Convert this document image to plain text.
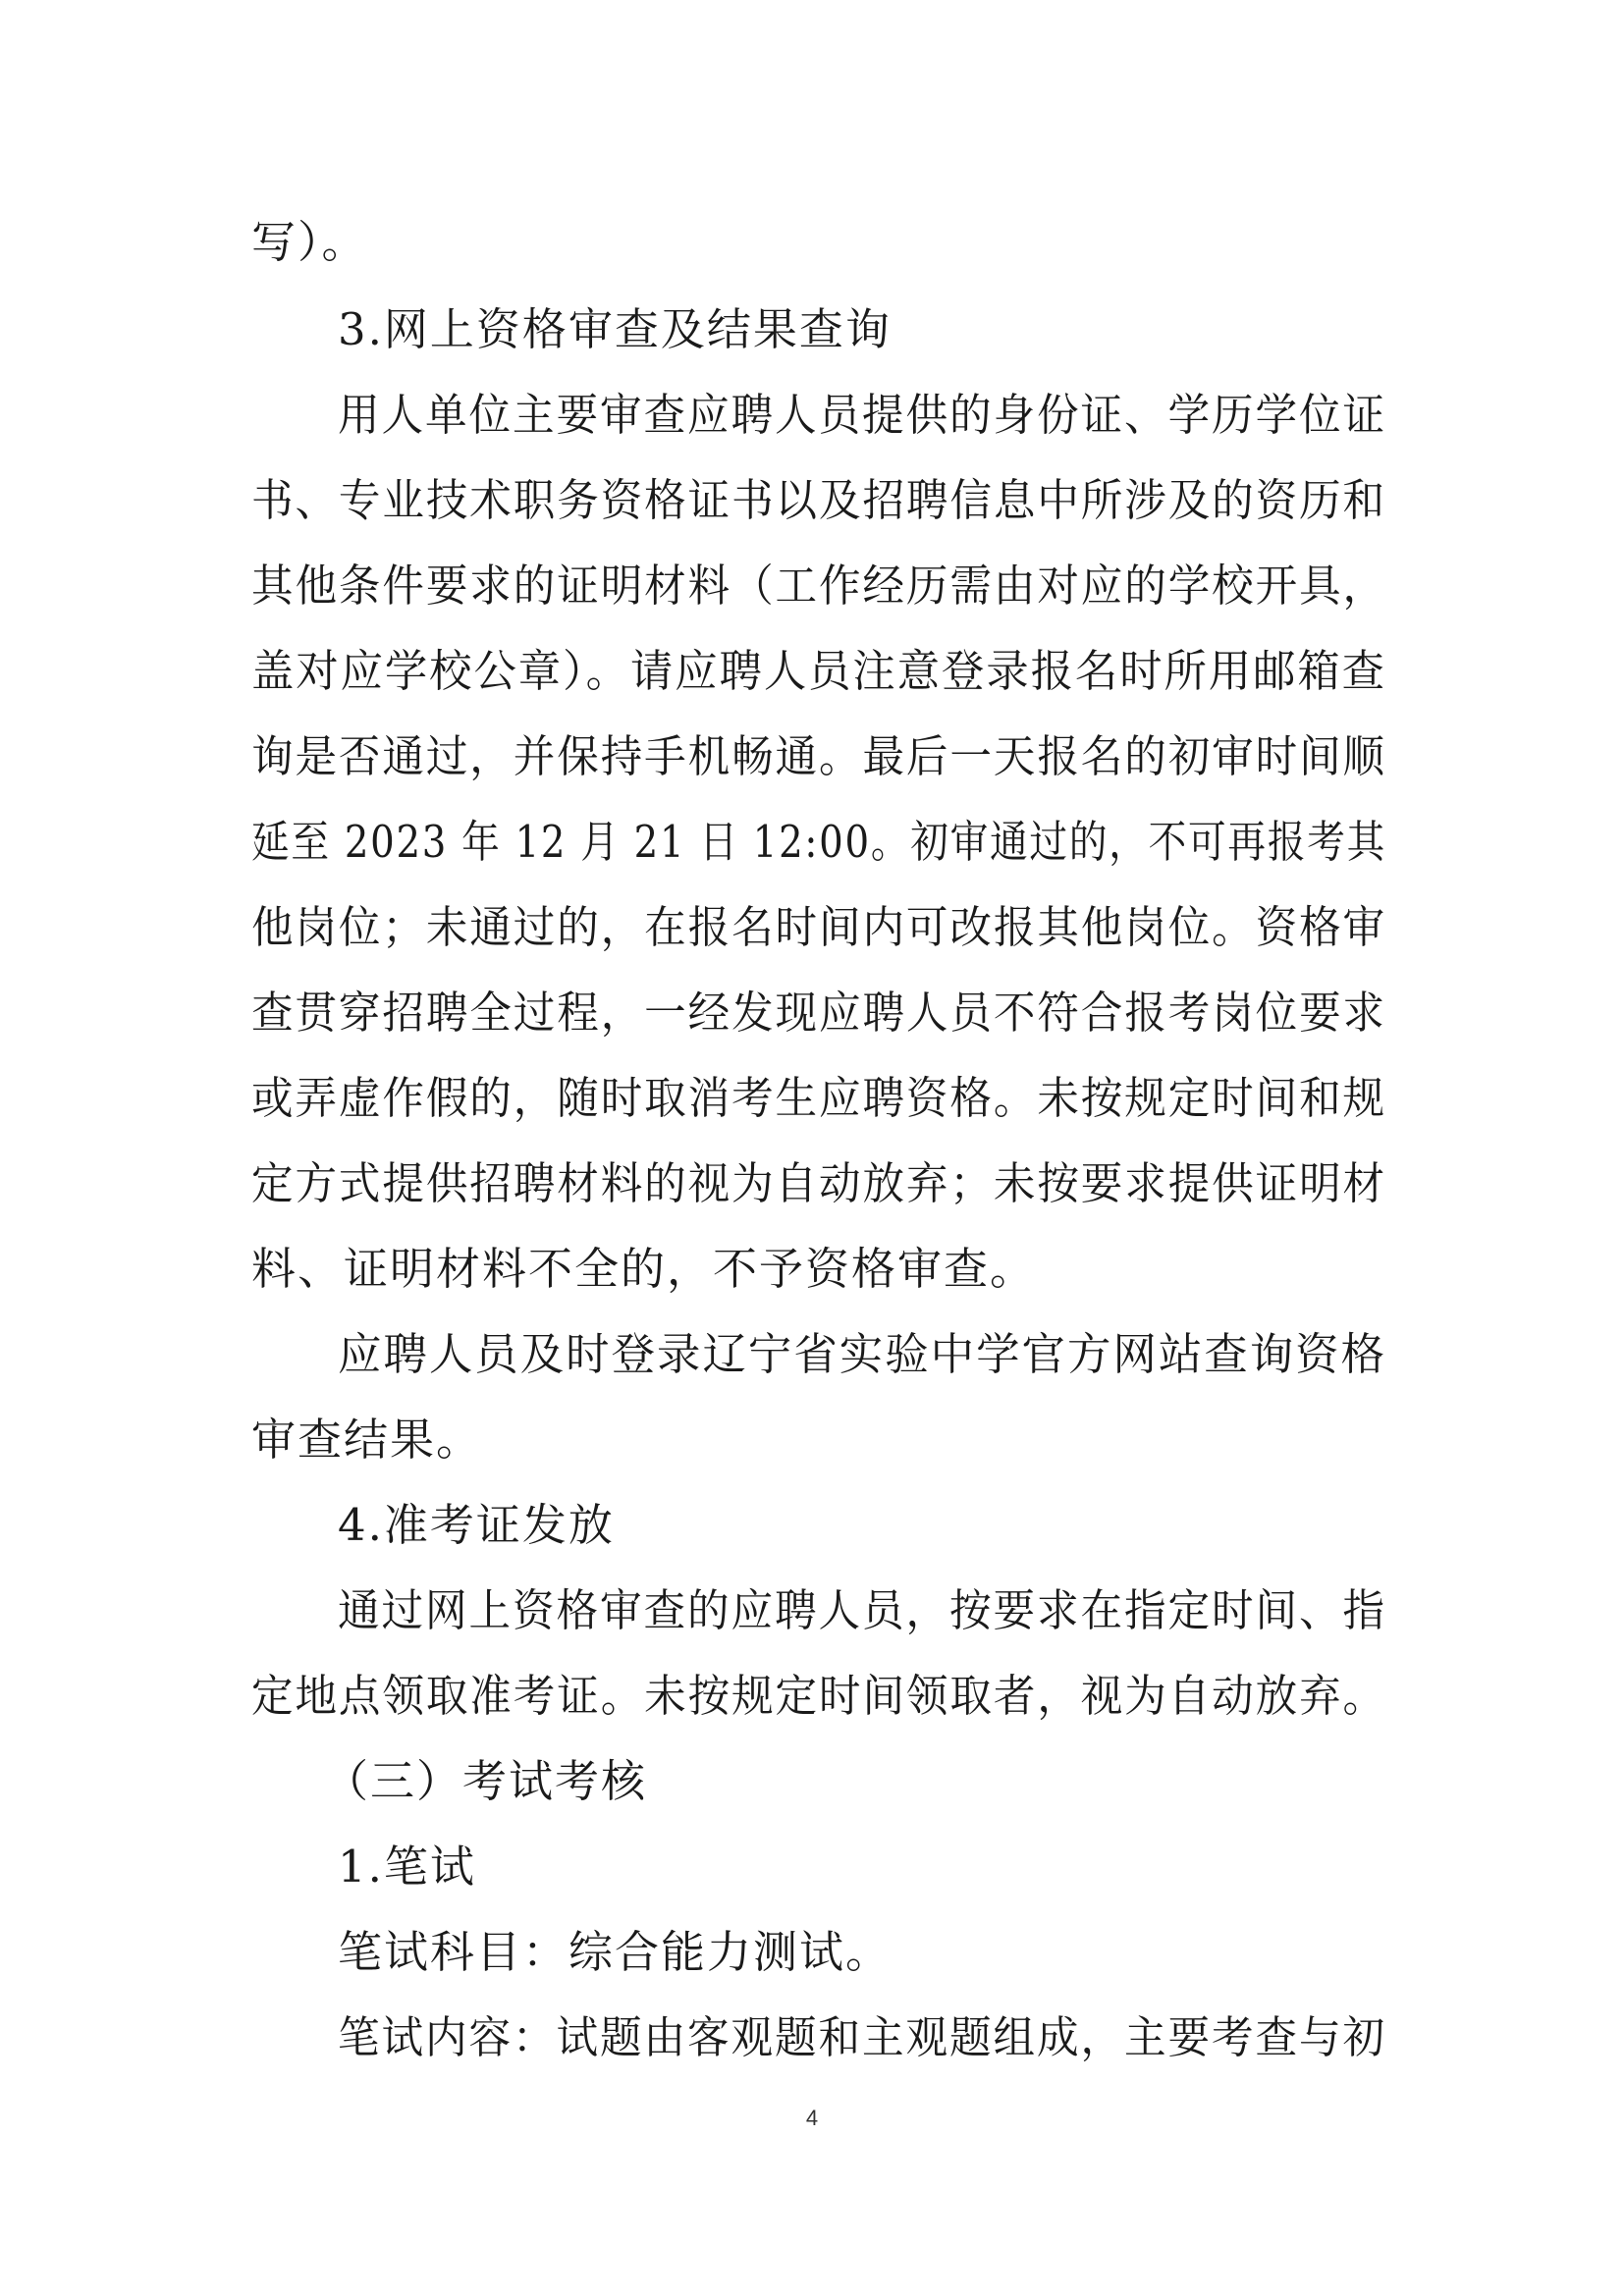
写）。
3.网上资格审查及结果查询
用人单位主要审查应聘人员提供的身份证、学历学位证
书、专业技术职务资格证书以及招聘信息中所涉及的资历和
其他条件要求的证明材料（工作经历需由对应的学校开具，
盖对应学校公章）。请应聘人员注意登录报名时所用邮箱查
询是否通过，并保持手机畅通。最后一天报名的初审时间顺
延至 2023 年 12 月 21 日 12:00。初审通过的，不可再报考其
他岗位；未通过的，在报名时间内可改报其他岗位。资格审
查贯穿招聘全过程，一经发现应聘人员不符合报考岗位要求
或弄虚作假的，随时取消考生应聘资格。未按规定时间和规
定方式提供招聘材料的视为自动放弃；未按要求提供证明材
料、证明材料不全的，不予资格审查。
应聘人员及时登录辽宁省实验中学官方网站查询资格
审查结果。
4.准考证发放
通过网上资格审查的应聘人员，按要求在指定时间、指
定地点领取准考证。未按规定时间领取者，视为自动放弃。
（三）考试考核
1.笔试
笔试科目：综合能力测试。
笔试内容：试题由客观题和主观题组成，主要考查与初
4
